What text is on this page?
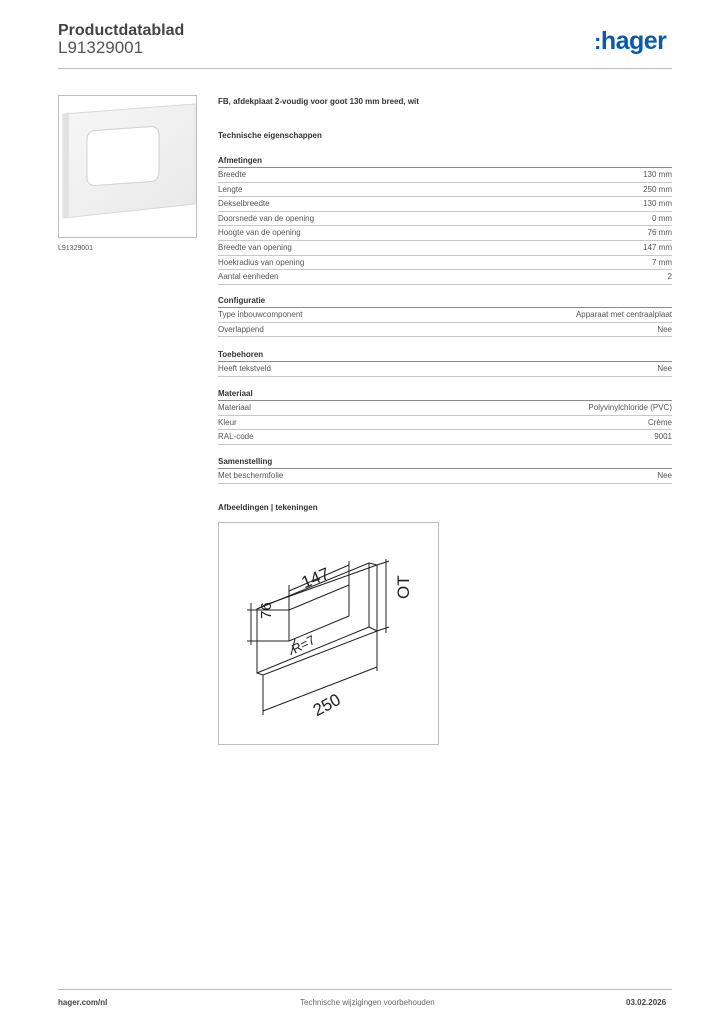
Productdatablad
L91329001	:hager
L91329001
FB, afdekplaat 2-voudig voor goot 130 mm breed, wit
Technische eigenschappen
Afmetingen
Breedte	130 mm
Lengte	250 mm
Dekselbreedte	130 mm
Doorsnede van de opening	0 mm
Hoogte van de opening	76 mm
Breedte van opening	147 mm
Hoekradius van opening	7 mm
Aantal eenheden	2
Configuratie
Type inbouwcomponent	Apparaat met centraalplaat
Overlappend	Nee
Toebehoren
Heeft tekstveld	Nee
Materiaal
Materiaal	Polyvinylchloride (PVC)
Kleur	Crème
RAL-code	9001
Samenstelling
Met beschermfolie	Nee
Afbeeldingen | tekeningen
147
76
OT
R=7
250
hager.com/nl	Technische wijzigingen voorbehouden	03.02.2026
